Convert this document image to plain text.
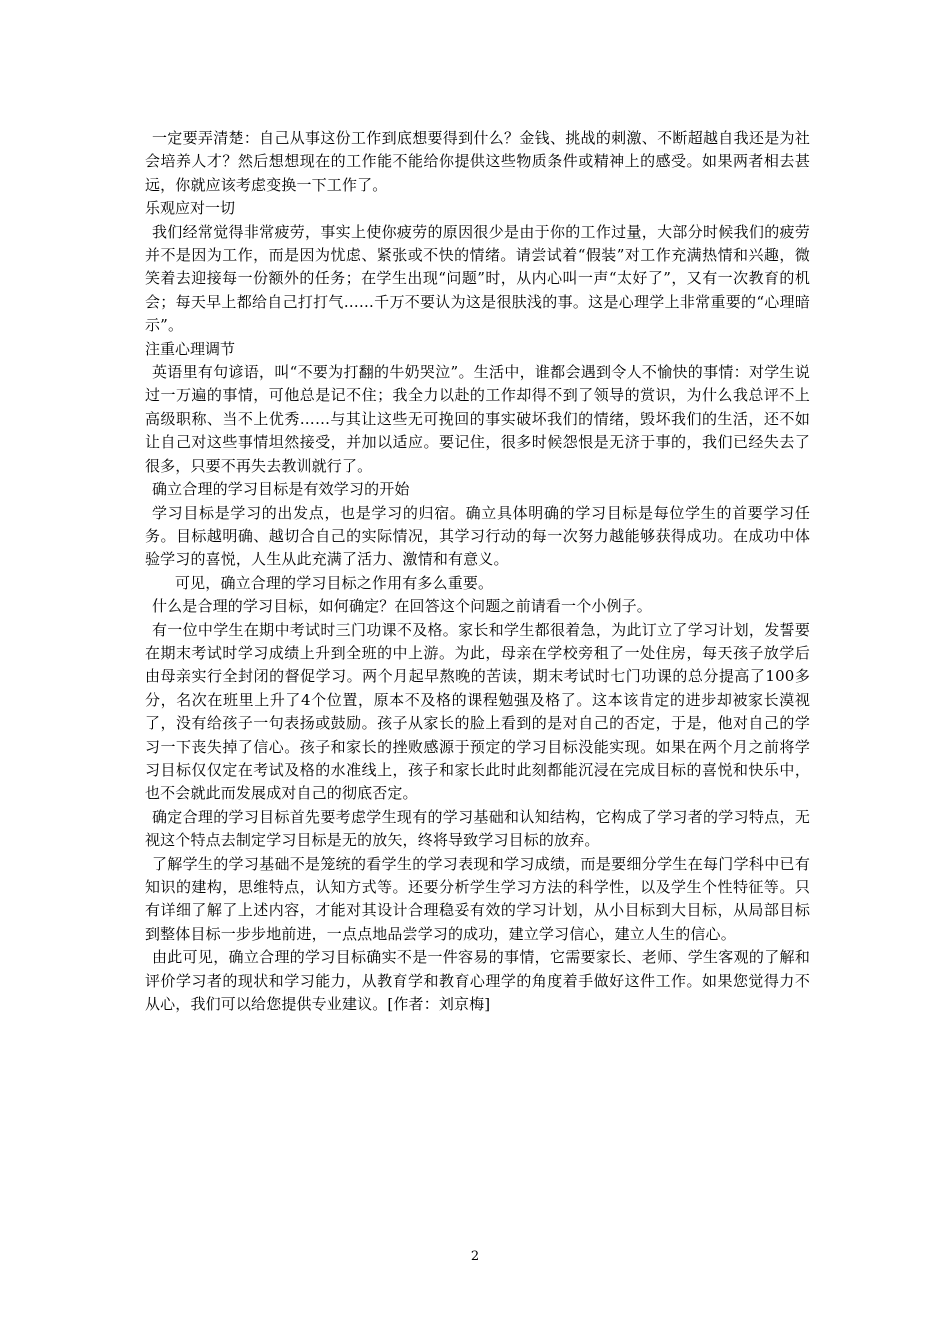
一定要弄清楚：自己从事这份工作到底想要得到什么？金钱、挑战的刺激、不断超越自我还是为社会培养人才？然后想想现在的工作能不能给你提供这些物质条件或精神上的感受。如果两者相去甚远，你就应该考虑变换一下工作了。

乐观应对一切

我们经常觉得非常疲劳，事实上使你疲劳的原因很少是由于你的工作过量，大部分时候我们的疲劳并不是因为工作，而是因为忧虑、紧张或不快的情绪。请尝试着“假装”对工作充满热情和兴趣，微笑着去迎接每一份额外的任务；在学生出现“问题”时，从内心叫一声“太好了”，又有一次教育的机会；每天早上都给自己打打气……千万不要认为这是很肤浅的事。这是心理学上非常重要的“心理暗示”。

注重心理调节

英语里有句谚语，叫“不要为打翻的牛奶哭泣”。生活中，谁都会遇到令人不愉快的事情：对学生说过一万遍的事情，可他总是记不住；我全力以赴的工作却得不到了领导的赏识，为什么我总评不上高级职称、当不上优秀……与其让这些无可挽回的事实破坏我们的情绪，毁坏我们的生活，还不如让自己对这些事情坦然接受，并加以适应。要记住，很多时候怨恨是无济于事的，我们已经失去了很多，只要不再失去教训就行了。

确立合理的学习目标是有效学习的开始

学习目标是学习的出发点，也是学习的归宿。确立具体明确的学习目标是每位学生的首要学习任务。目标越明确、越切合自己的实际情况，其学习行动的每一次努力越能够获得成功。在成功中体验学习的喜悦，人生从此充满了活力、激情和有意义。

可见，确立合理的学习目标之作用有多么重要。

什么是合理的学习目标，如何确定？在回答这个问题之前请看一个小例子。

有一位中学生在期中考试时三门功课不及格。家长和学生都很着急，为此订立了学习计划，发誓要在期末考试时学习成绩上升到全班的中上游。为此，母亲在学校旁租了一处住房，每天孩子放学后由母亲实行全封闭的督促学习。两个月起早熬晚的苦读，期末考试时七门功课的总分提高了100多分，名次在班里上升了4个位置，原本不及格的课程勉强及格了。这本该肯定的进步却被家长漠视了，没有给孩子一句表扬或鼓励。孩子从家长的脸上看到的是对自己的否定，于是，他对自己的学习一下丧失掉了信心。孩子和家长的挫败感源于预定的学习目标没能实现。如果在两个月之前将学习目标仅仅定在考试及格的水准线上，孩子和家长此时此刻都能沉浸在完成目标的喜悦和快乐中，也不会就此而发展成对自己的彻底否定。

确定合理的学习目标首先要考虑学生现有的学习基础和认知结构，它构成了学习者的学习特点，无视这个特点去制定学习目标是无的放矢，终将导致学习目标的放弃。

了解学生的学习基础不是笼统的看学生的学习表现和学习成绩，而是要细分学生在每门学科中已有知识的建构，思维特点，认知方式等。还要分析学生学习方法的科学性，以及学生个性特征等。只有详细了解了上述内容，才能对其设计合理稳妥有效的学习计划，从小目标到大目标，从局部目标到整体目标一步步地前进，一点点地品尝学习的成功，建立学习信心，建立人生的信心。

由此可见，确立合理的学习目标确实不是一件容易的事情，它需要家长、老师、学生客观的了解和评价学习者的现状和学习能力，从教育学和教育心理学的角度着手做好这件工作。如果您觉得力不从心，我们可以给您提供专业建议。[作者：刘京梅]

2
